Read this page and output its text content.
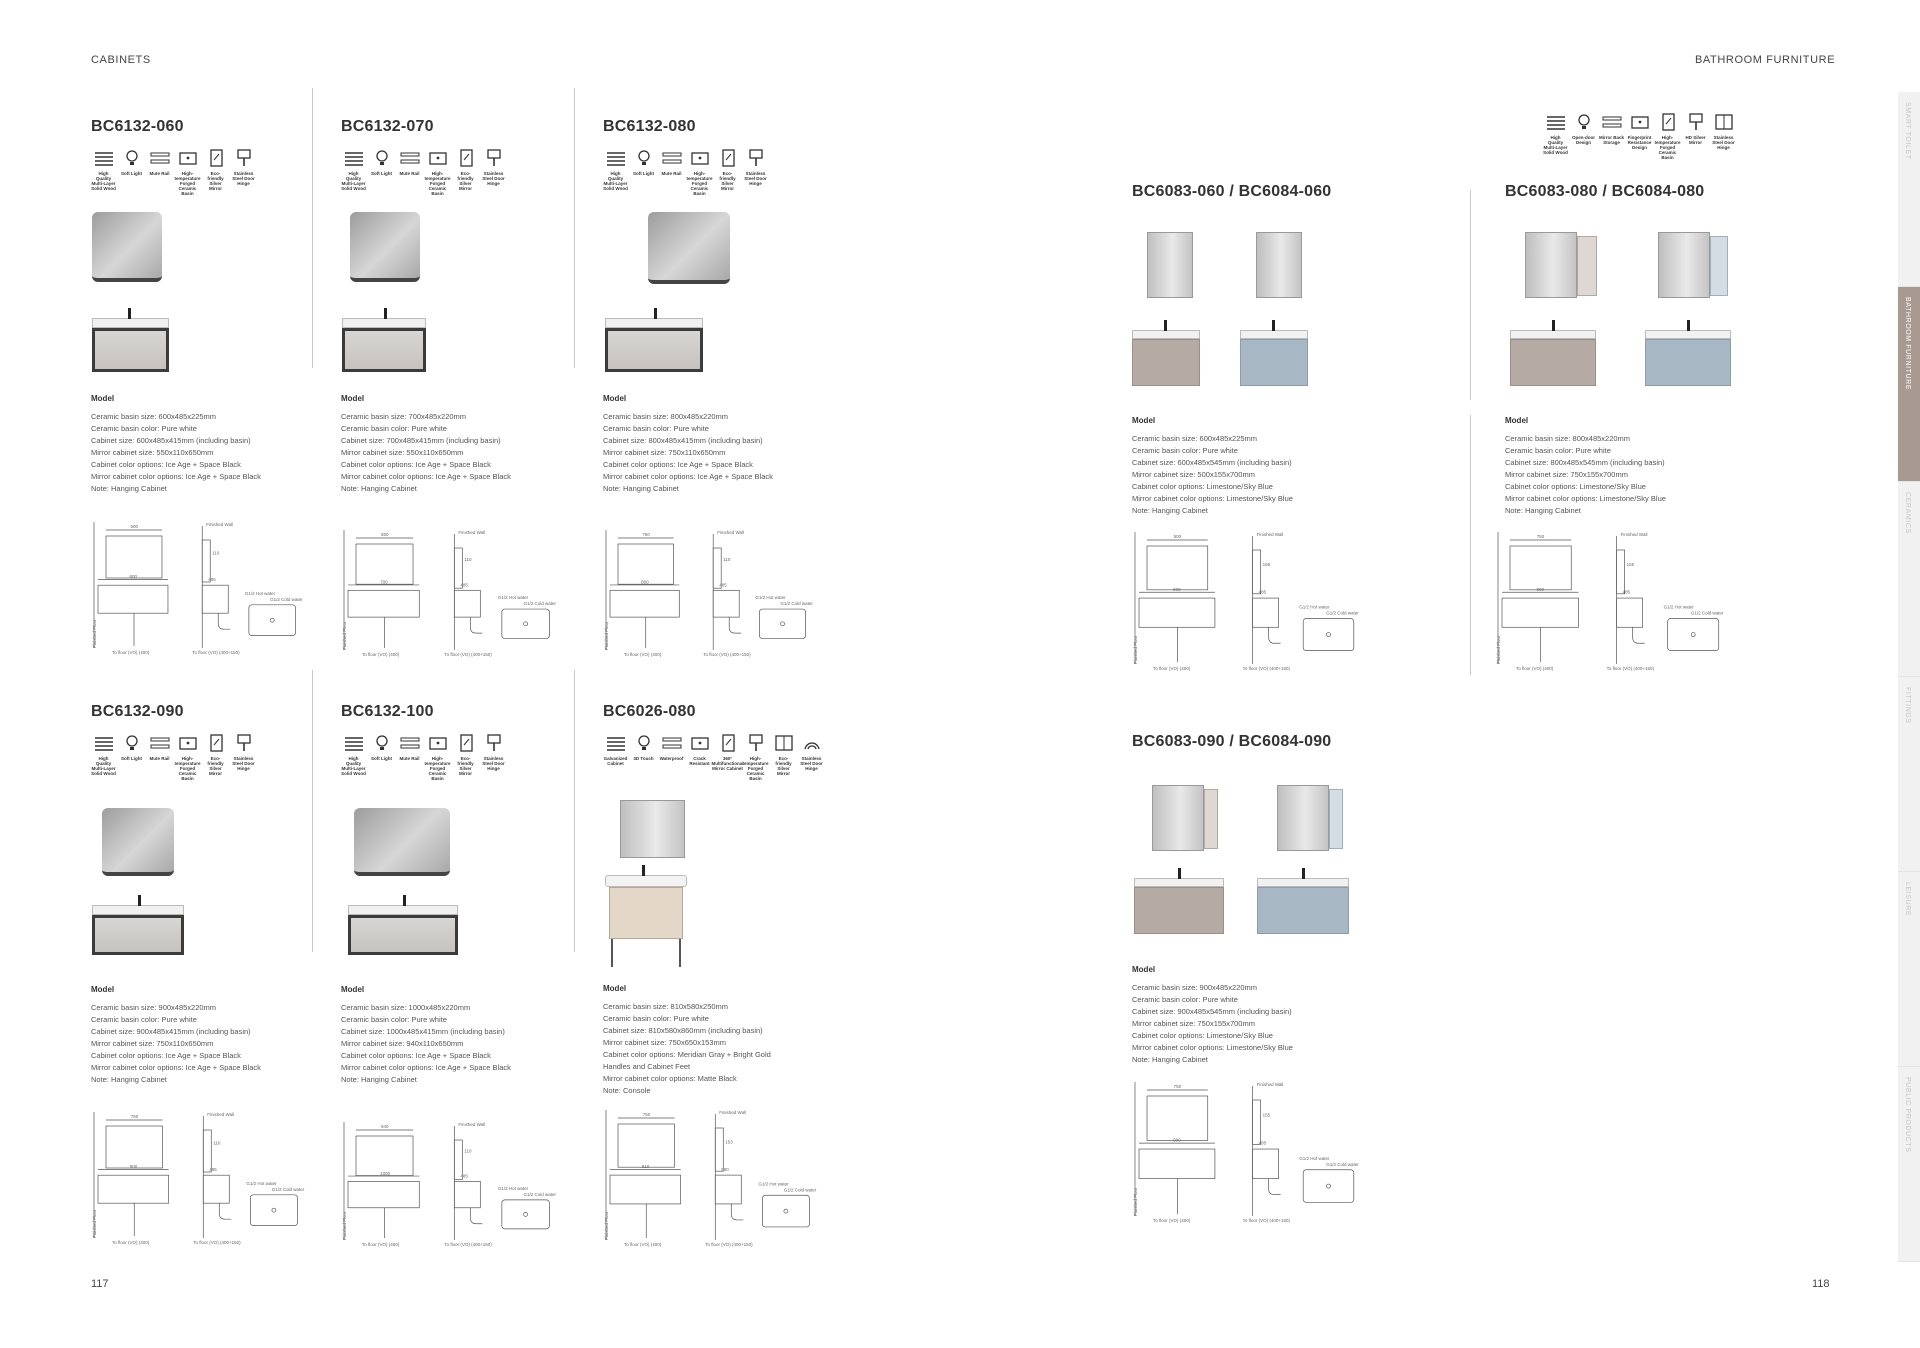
CABINETS	BATHROOM FURNITURE
117	118
SMART TOILET
BATHROOM FURNITURE
CERAMICS
FITTINGS
LEISURE
PUBLIC PRODUCTS
BC6132-060
High Quality Multi-Layer Solid Wood
Soft Light Mute Rail	High-temperature Forged Ceramic Basin
Eco-friendly Silver Mirror
Stainless Steel Door Hinge
Model
Ceramic basin size: 600x485x225mm
Ceramic basin color: Pure white
Cabinet size: 600x485x415mm (including basin)
Mirror cabinet size: 550x110x650mm
Cabinet color options: Ice Age + Space Black
Mirror cabinet color options: Ice Age + Space Black
Note: Hanging Cabinet
500
600
To floor (VO) (400)
Finished Floor
Finished Wall
110
485
To floor (VO) (400+150)
G1/2 Hot water
G1/2 Cold water
BC6132-070
High Quality Multi-Layer Solid Wood
Soft Light Mute Rail	High-temperature Forged Ceramic Basin
Eco-friendly Silver Mirror
Stainless Steel Door Hinge
Model
Ceramic basin size: 700x485x220mm
Ceramic basin color: Pure white
Cabinet size: 700x485x415mm (including basin)
Mirror cabinet size: 550x110x650mm
Cabinet color options: Ice Age + Space Black
Mirror cabinet color options: Ice Age + Space Black
Note: Hanging Cabinet
550
700
To floor (VO) (400)
Finished Floor
Finished Wall
110
485
To floor (VO) (400+150)
G1/2 Hot water
G1/2 Cold water
BC6132-080
High Quality Multi-Layer Solid Wood
Soft Light Mute Rail	High-temperature Forged Ceramic Basin
Eco-friendly Silver Mirror
Stainless Steel Door Hinge
Model
Ceramic basin size: 800x485x220mm
Ceramic basin color: Pure white
Cabinet size: 800x485x415mm (including basin)
Mirror cabinet size: 750x110x650mm
Cabinet color options: Ice Age + Space Black
Mirror cabinet color options: Ice Age + Space Black
Note: Hanging Cabinet
750
800
To floor (VO) (400)
Finished Floor
Finished Wall
110
485
To floor (VO) (400+150)
G1/2 Hot water
G1/2 Cold water
BC6132-090
High Quality Multi-Layer Solid Wood
Soft Light Mute Rail	High-temperature Forged Ceramic Basin
Eco-friendly Silver Mirror
Stainless Steel Door Hinge
Model
Ceramic basin size: 900x485x220mm
Ceramic basin color: Pure white
Cabinet size: 900x485x415mm (including basin)
Mirror cabinet size: 750x110x650mm
Cabinet color options: Ice Age + Space Black
Mirror cabinet color options: Ice Age + Space Black
Note: Hanging Cabinet
750
900
To floor (VO) (400)
Finished Floor
Finished Wall
110
485
To floor (VO) (400+150)
G1/2 Hot water
G1/2 Cold water
BC6132-100
High Quality Multi-Layer Solid Wood
Soft Light Mute Rail	High-temperature Forged Ceramic Basin
Eco-friendly Silver Mirror
Stainless Steel Door Hinge
Model
Ceramic basin size: 1000x485x220mm
Ceramic basin color: Pure white
Cabinet size: 1000x485x415mm (including basin)
Mirror cabinet size: 940x110x650mm
Cabinet color options: Ice Age + Space Black
Mirror cabinet color options: Ice Age + Space Black
Note: Hanging Cabinet
940
1000
To floor (VO) (400)
Finished Floor
Finished Wall
110
485
To floor (VO) (400+150)
G1/2 Hot water
G1/2 Cold water
BC6026-080
Galvanized Cabinet
3D Touch Waterproof	Crack Resistant
360° Multifunctional Mirror Cabinet
High-temperature Forged Ceramic Basin
Eco-friendly Silver Mirror
Stainless Steel Door Hinge
Model
Ceramic basin size: 810x580x250mm
Ceramic basin color: Pure white
Cabinet size: 810x580x860mm (including basin)
Mirror cabinet size: 750x650x153mm
Cabinet color options: Meridian Gray + Bright Gold
Handles and Cabinet Feet
Mirror cabinet color options: Matte Black
Note: Console
750
810
To floor (VO) (400)
Finished Floor
Finished Wall
153
580
To floor (VO) (400+150)
G1/2 Hot water
G1/2 Cold water
High Quality Multi-Layer Solid Wood
Open-door Design
Mirror Back Storage
Fingerprint Resistance Design
High-temperature Forged Ceramic Basin
HD Silver Mirror
Stainless Steel Door Hinge
BC6083-060 / BC6084-060
Model
Ceramic basin size: 600x485x225mm
Ceramic basin color: Pure white
Cabinet size: 600x485x545mm (including basin)
Mirror cabinet size: 500x155x700mm
Cabinet color options: Limestone/Sky Blue
Mirror cabinet color options: Limestone/Sky Blue
Note: Hanging Cabinet
500
600
To floor (VO) (400)
Finished Floor
Finished Wall
155
485
To floor (VO) (400+150)
G1/2 Hot water
G1/2 Cold water
BC6083-080 / BC6084-080
Model
Ceramic basin size: 800x485x220mm
Ceramic basin color: Pure white
Cabinet size: 800x485x545mm (including basin)
Mirror cabinet size: 750x155x700mm
Cabinet color options: Limestone/Sky Blue
Mirror cabinet color options: Limestone/Sky Blue
Note: Hanging Cabinet
750
800
To floor (VO) (400)
Finished Floor
Finished Wall
155
485
To floor (VO) (400+150)
G1/2 Hot water
G1/2 Cold water
BC6083-090 / BC6084-090
Model
Ceramic basin size: 900x485x220mm
Ceramic basin color: Pure white
Cabinet size: 900x485x545mm (including basin)
Mirror cabinet size: 750x155x700mm
Cabinet color options: Limestone/Sky Blue
Mirror cabinet color options: Limestone/Sky Blue
Note: Hanging Cabinet
750
900
To floor (VO) (400)
Finished Floor
Finished Wall
155
485
To floor (VO) (400+150)
G1/2 Hot water
G1/2 Cold water
